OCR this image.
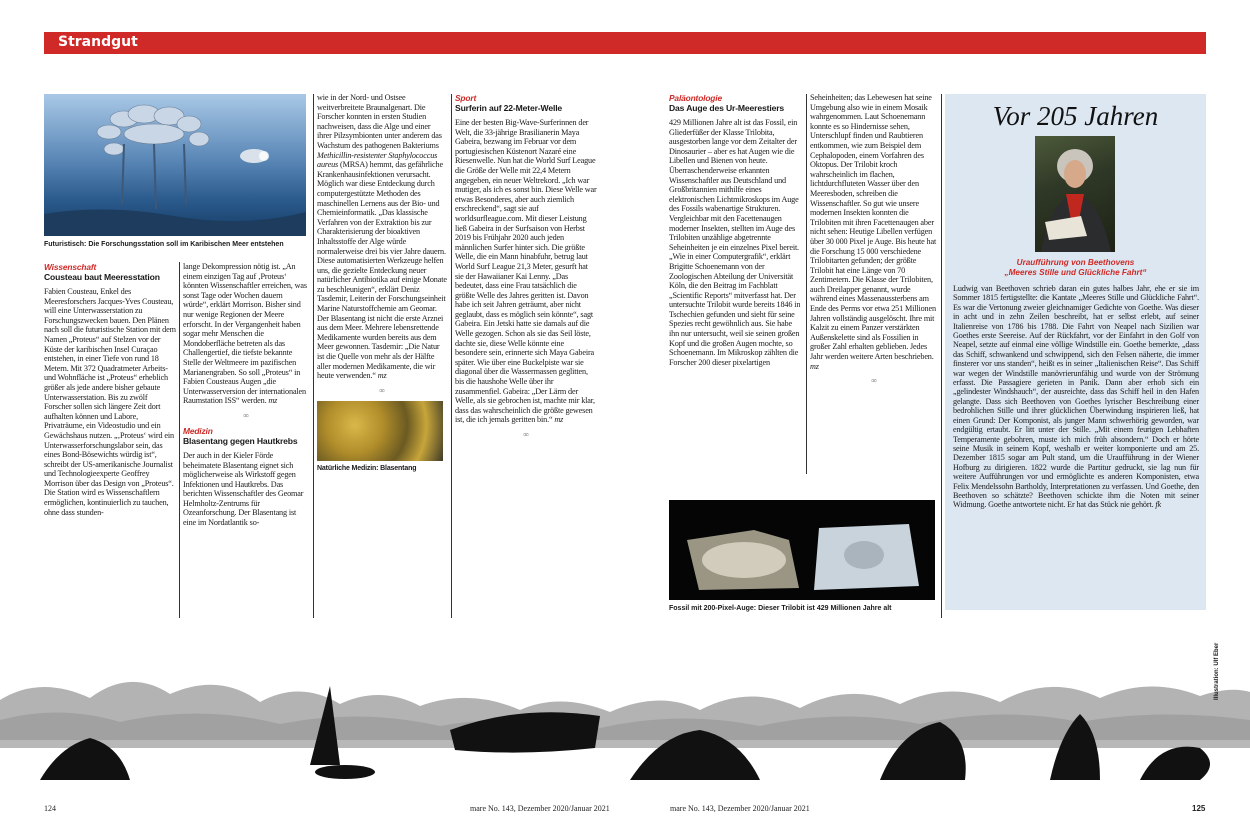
Strandgut
Futuristisch: Die Forschungsstation soll im Karibischen Meer entstehen
Wissenschaft
Cousteau baut Meeresstation

Fabien Cousteau, Enkel des Meeresforschers Jacques-Yves Cousteau, will eine Unterwasserstation zu Forschungszwecken bauen. Den Plänen nach soll die futuristische Station mit dem Namen „Proteus“ auf Stelzen vor der Küste der karibischen Insel Curaçao entstehen, in einer Tiefe von rund 18 Metern. Mit 372 Quadratmeter Arbeits- und Wohnfläche ist „Proteus“ erheblich größer als jede andere bisher gebaute Unterwasserstation. Bis zu zwölf Forscher sollen sich längere Zeit dort aufhalten können und Labore, Privaträume, ein Videostudio und ein Gewächshaus nutzen. „‚Proteus‘ wird ein Unterwasserforschungslabor sein, das eines Bond-Bösewichts würdig ist“, schreibt der US-amerikanische Journalist und Technologieexperte Geoffrey Morrison über das Design von „Proteus“. Die Station wird es Wissenschaftlern ermöglichen, kontinuierlich zu tauchen, ohne dass stunden-

lange Dekompression nötig ist. „An einem einzigen Tag auf ‚Proteus‘ könnten Wissenschaftler erreichen, was sonst Tage oder Wochen dauern würde“, erklärt Morrison. Bisher sind nur wenige Regionen der Meere erforscht. In der Vergangenheit haben sogar mehr Menschen die Mondoberfläche betreten als das Challengertief, die tiefste bekannte Stelle der Weltmeere im pazifischen Marianengraben. So soll „Proteus“ in Fabien Cousteaus Augen „die Unterwasserversion der internationalen Raumstation ISS“ werden. mz

∞
Medizin
Blasentang gegen Hautkrebs

Der auch in der Kieler Förde beheimatete Blasentang eignet sich möglicherweise als Wirkstoff gegen Infektionen und Hautkrebs. Das berichten Wissenschaftler des Geomar Helmholtz-Zentrums für Ozeanforschung. Der Blasentang ist eine im Nordatlantik so-

wie in der Nord- und Ostsee weitverbreitete Braunalgenart. Die Forscher konnten in ersten Studien nachweisen, dass die Alge und einer ihrer Pilzsymbionten unter anderem das Wachstum des pathogenen Bakteriums Methicillin-resistenter Staphylococcus aureus (MRSA) hemmt, das gefährliche Krankenhausinfektionen verursacht. Möglich war diese Entdeckung durch computergestützte Methoden des maschinellen Lernens aus der Bio- und Chemieinformatik. „Das klassische Verfahren von der Extraktion bis zur Charakterisierung der bioaktiven Inhaltsstoffe der Alge würde normalerweise drei bis vier Jahre dauern. Diese automatisierten Werkzeuge helfen uns, die gezielte Entdeckung neuer natürlicher Antibiotika auf einige Monate zu beschleunigen“, erklärt Deniz Tasdemir, Leiterin der Forschungseinheit Marine Naturstoffchemie am Geomar. Der Blasentang ist nicht die erste Arznei aus dem Meer. Mehrere lebensrettende Medikamente wurden bereits aus dem Meer gewonnen. Tasdemir: „Die Natur ist die Quelle von mehr als der Hälfte aller modernen Medikamente, die wir heute verwenden.“ mz

∞
Natürliche Medizin: Blasentang
Sport
Surferin auf 22-Meter-Welle

Eine der besten Big-Wave-Surferinnen der Welt, die 33-jährige Brasilianerin Maya Gabeira, bezwang im Februar vor dem portugiesischen Küstenort Nazaré eine Riesenwelle. Nun hat die World Surf League die Größe der Welle mit 22,4 Metern angegeben, ein neuer Weltrekord. „Ich war mutiger, als ich es sonst bin. Diese Welle war etwas Besonderes, aber auch ziemlich erschreckend“, sagt sie auf worldsurfleague.com. Mit dieser Leistung ließ Gabeira in der Surfsaison von Herbst 2019 bis Frühjahr 2020 auch jeden männlichen Surfer hinter sich. Die größte Welle, die ein Mann hinabfuhr, betrug laut World Surf League 21,3 Meter, gesurft hat sie der Hawaiianer Kai Lenny. „Das bedeutet, dass eine Frau tatsächlich die größte Welle des Jahres geritten ist. Davon habe ich seit Jahren geträumt, aber nicht geglaubt, dass es möglich sein könnte“, sagt Gabeira. Ein Jetski hatte sie damals auf die Welle gezogen. Schon als sie das Seil löste, dachte sie, diese Welle könnte eine besondere sein, erinnerte sich Maya Gabeira später. Wie über eine Buckelpiste war sie diagonal über die Wassermassen geglitten, bis die haushohe Welle über ihr zusammenfiel. Gabeira: „Der Lärm der Welle, als sie gebrochen ist, machte mir klar, dass das wahrscheinlich die größte gewesen ist, die ich jemals geritten bin.“ mz

∞
Paläontologie
Das Auge des Ur-Meerestiers

429 Millionen Jahre alt ist das Fossil, ein Gliederfüßer der Klasse Trilobita, ausgestorben lange vor dem Zeitalter der Dinosaurier – aber es hat Augen wie die Libellen und Bienen von heute. Überraschenderweise erkannten Wissenschaftler aus Deutschland und Großbritannien mithilfe eines elektronischen Lichtmikroskops im Auge des Fossils wabenartige Strukturen. Vergleichbar mit den Facettenaugen moderner Insekten, stellten im Auge des Trilobiten unzählige abgetrennte Seheinheiten je ein einzelnes Pixel bereit. „Wie in einer Computergrafik“, erklärt Brigitte Schoenemann von der Zoologischen Abteilung der Universität Köln, die den Beitrag im Fachblatt „Scientific Reports“ mitverfasst hat. Der untersuchte Trilobit wurde bereits 1846 in Tschechien gefunden und sieht für seine Spezies recht gewöhnlich aus. Sie habe ihn nur untersucht, weil sie seinen großen Kopf und die großen Augen mochte, so Schoenemann. Im Mikroskop zählten die Forscher 200 dieser pixelartigen

Seheinheiten; das Lebewesen hat seine Umgebung also wie in einem Mosaik wahrgenommen. Laut Schoenemann konnte es so Hindernisse sehen, Unterschlupf finden und Raubtieren entkommen, wie zum Beispiel dem Cephalopoden, einem Vorfahren des Oktopus. Der Trilobit kroch wahrscheinlich im flachen, lichtdurchfluteten Wasser über den Meeresboden, schreiben die Wissenschaftler. So gut wie unsere modernen Insekten konnten die Trilobiten mit ihren Facettenaugen aber nicht sehen: Heutige Libellen verfügen über 30 000 Pixel je Auge. Bis heute hat die Forschung 15 000 verschiedene Trilobitarten gefunden; der größte Trilobit hat eine Länge von 70 Zentimetern. Die Klasse der Trilobiten, auch Dreilapper genannt, wurde während eines Massenaussterbens am Ende des Perms vor etwa 251 Millionen Jahren vollständig ausgelöscht. Ihre mit Kalzit zu einem Panzer verstärkten Außenskelette sind als Fossilien in großer Zahl erhalten geblieben. Jedes Jahr werden weitere Arten beschrieben. mz

∞
Fossil mit 200-Pixel-Auge: Dieser Trilobit ist 429 Millionen Jahre alt
Vor 205 Jahren
Uraufführung von Beethovens
„Meeres Stille und Glückliche Fahrt“
Ludwig van Beethoven schrieb daran ein gutes halbes Jahr, ehe er sie im Sommer 1815 fertigstellte: die Kantate „Meeres Stille und Glückliche Fahrt“. Es war die Vertonung zweier gleichnamiger Gedichte von Goethe. Was dieser in acht und in zehn Zeilen beschreibt, hat er selbst erlebt, auf seiner Italienreise von 1786 bis 1788. Die Fahrt von Neapel nach Sizilien war Goethes erste Seereise. Auf der Rückfahrt, vor der Einfahrt in den Golf von Neapel, setzte auf einmal eine völlige Windstille ein. Goethe bemerkte, „dass das Schiff, schwankend und schwippend, sich den Felsen näherte, die immer finsterer vor uns standen“, heißt es in seiner „Italienischen Reise“. Das Schiff war wegen der Windstille manövrierunfähig und wurde von der Strömung erfasst. Die Passagiere gerieten in Panik. Dann aber erhob sich ein „gelindester Windshauch“, der ausreichte, dass das Schiff heil in den Hafen gelangte. Dass sich Beethoven von Goethes lyrischer Beschreibung einer bedrohlichen Stille und ihrer glücklichen Überwindung inspirieren ließ, hat einen Grund: Der Komponist, als junger Mann schwerhörig geworden, war endgültig ertaubt. Er litt unter der Stille. „Mit einem feurigen Lebhaften Temperamente gebohren, muste ich mich früh absondern.“ Doch er hörte seine Musik in seinem Kopf, weshalb er weiter komponierte und am 25. Dezember 1815 sogar am Pult stand, um die Uraufführung in der Wiener Hofburg zu dirigieren. 1822 wurde die Partitur gedruckt, sie lag nun für weitere Aufführungen vor und ermöglichte es anderen Komponisten, etwa Felix Mendelssohn Bartholdy, Interpretationen zu verfassen. Und Goethe, den Beethoven so schätzte? Beethoven schickte ihm die Noten mit seiner Widmung. Goethe antwortete nicht. Er hat das Stück nie gehört. fk
Illustration: Ulf Eber
124	mare No. 143, Dezember 2020/Januar 2021	mare No. 143, Dezember 2020/Januar 2021	125
